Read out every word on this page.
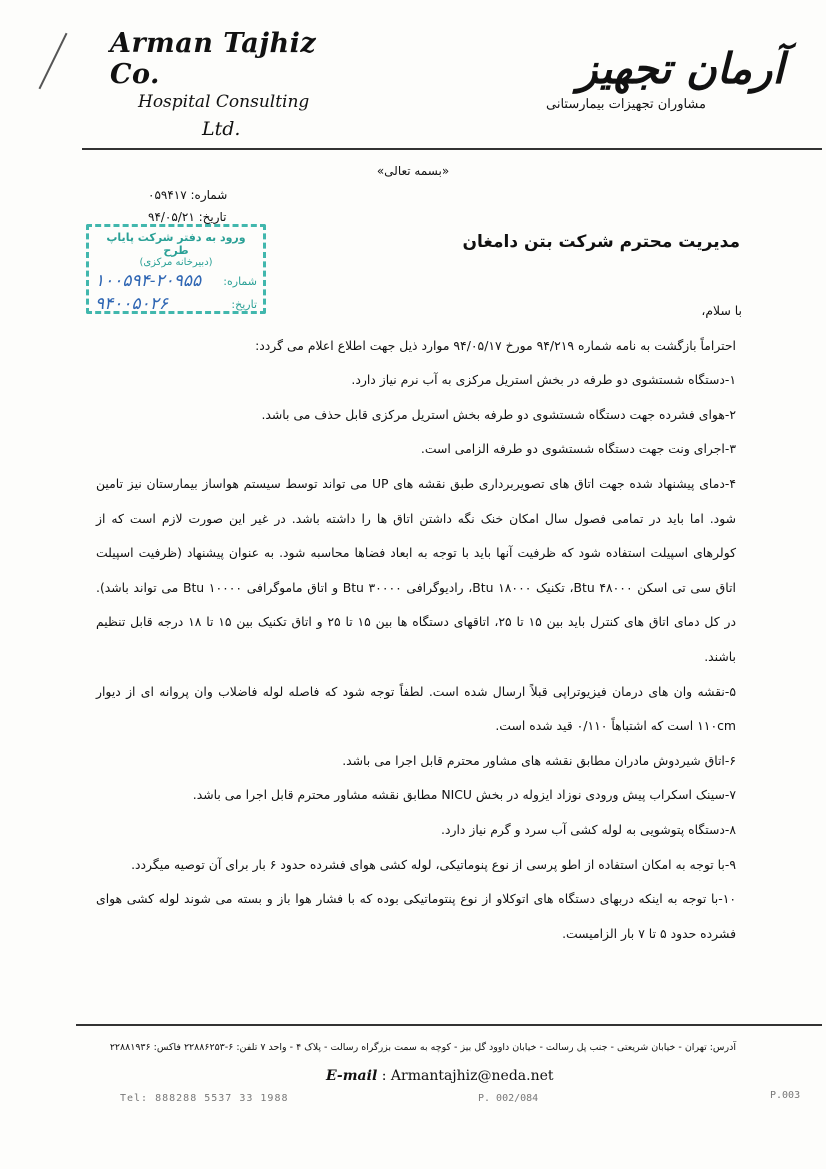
Arman Tajhiz Co.
Hospital Consulting
Ltd.
آرمان تجهیز
مشاوران تجهیزات بیمارستانی
«بسمه تعالی»
شماره: ۰۵۹۴۱۷
تاریخ: ۹۴/۰۵/۲۱
ورود به دفتر شرکت پایاپ طرح
(دبیرخانه مرکزی)
شماره:
۱۰۰۵۹۴-۲۰۹۵۵
تاریخ:
۹۴۰۰۵۰۲۶
مدیریت محترم شرکت بتن دامغان

با سلام،

احتراماً بازگشت به نامه شماره ۹۴/۲۱۹ مورخ ۹۴/۰۵/۱۷ موارد ذیل جهت اطلاع اعلام می گردد:

۱-دستگاه شستشوی دو طرفه در بخش استریل مرکزی به آب نرم نیاز دارد.

۲-هوای فشرده جهت دستگاه شستشوی دو طرفه بخش استریل مرکزی قابل حذف می باشد.

۳-اجرای ونت جهت دستگاه شستشوی دو طرفه الزامی است.

۴-دمای پیشنهاد شده جهت اتاق های تصویربرداری طبق نقشه های UP می تواند توسط سیستم هواساز بیمارستان نیز تامین شود. اما باید در تمامی فصول سال امکان خنک نگه داشتن اتاق ها را داشته باشد. در غیر این صورت لازم است که از کولرهای اسپیلت استفاده شود که ظرفیت آنها باید با توجه به ابعاد فضاها محاسبه شود. به عنوان پیشنهاد (ظرفیت اسپیلت اتاق سی تی اسکن ۴۸۰۰۰ Btu، تکنیک ۱۸۰۰۰ Btu، رادیوگرافی ۳۰۰۰۰ Btu و اتاق ماموگرافی ۱۰۰۰۰ Btu می تواند باشد). در کل دمای اتاق های کنترل باید بین ۱۵ تا ۲۵، اتاقهای دستگاه ها بین ۱۵ تا ۲۵ و اتاق تکنیک بین ۱۵ تا ۱۸ درجه قابل تنظیم باشند.

۵-نقشه وان های درمان فیزیوتراپی قبلاً ارسال شده است. لطفاً توجه شود که فاصله لوله فاضلاب وان پروانه ای از دیوار ۱۱۰cm است که اشتباهاً ۰/۱۱۰ قید شده است.

۶-اتاق شیردوش مادران مطابق نقشه های مشاور محترم قابل اجرا می باشد.

۷-سینک اسکراب پیش ورودی نوزاد ایزوله در بخش NICU مطابق نقشه مشاور محترم قابل اجرا می باشد.

۸-دستگاه پتوشویی به لوله کشی آب سرد و گرم نیاز دارد.

۹-با توجه به امکان استفاده از اطو پرسی از نوع پنوماتیکی، لوله کشی هوای فشرده حدود ۶ بار برای آن توصیه میگردد.

۱۰-با توجه به اینکه دربهای دستگاه های اتوکلاو از نوع پنتوماتیکی بوده که با فشار هوا باز و بسته می شوند لوله کشی هوای فشرده حدود ۵ تا ۷ بار الزامیست.

آدرس: تهران - خیابان شریعتی - جنب پل رسالت - خیابان داوود گل بیز - کوچه به سمت بزرگراه رسالت - پلاک ۴ - واحد ۷ تلفن: ۶-۲۲۸۸۶۲۵۳ فاکس: ۲۲۸۸۱۹۳۶
E-mail : Armantajhiz@neda.net
Tel: 888288 5537 33 1988	P. 002/084	P.003
